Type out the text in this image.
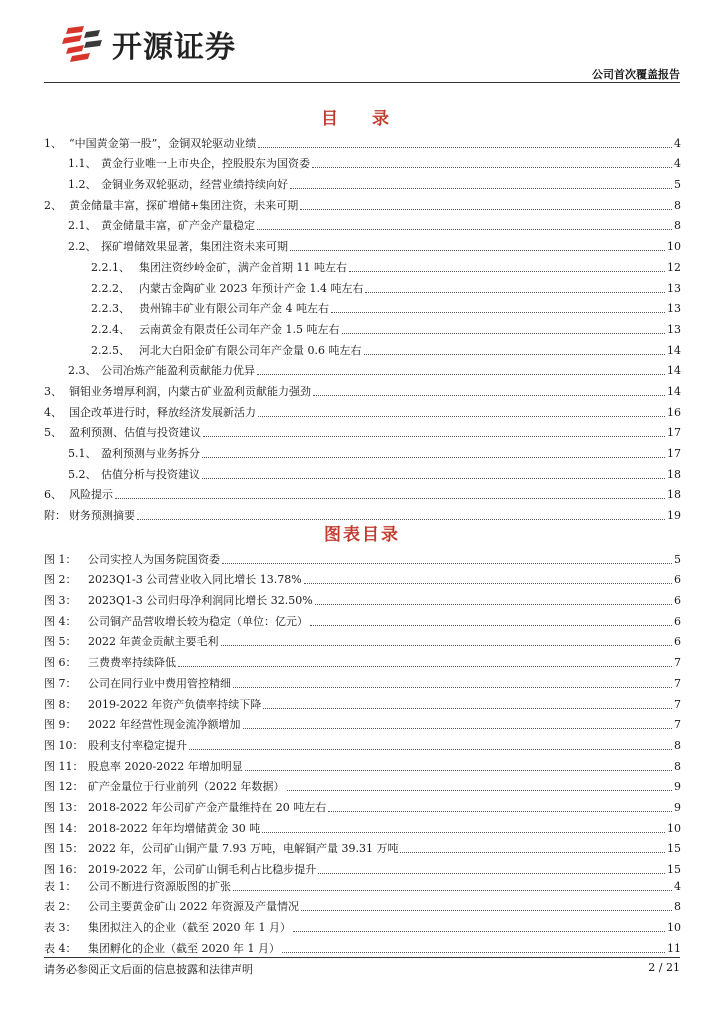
开源证券
公司首次覆盖报告
目 录
1、 “中国黄金第一股”，金铜双轮驱动业绩	4
1.1、 黄金行业唯一上市央企，控股股东为国资委	4
1.2、 金铜业务双轮驱动，经营业绩持续向好	5
2、 黄金储量丰富，探矿增储+集团注资，未来可期	8
2.1、 黄金储量丰富，矿产金产量稳定	8
2.2、 探矿增储效果显著，集团注资未来可期	10
2.2.1、 集团注资纱岭金矿，满产金首期 11 吨左右	12
2.2.2、 内蒙古金陶矿业 2023 年预计产金 1.4 吨左右	13
2.2.3、 贵州锦丰矿业有限公司年产金 4 吨左右	13
2.2.4、 云南黄金有限责任公司年产金 1.5 吨左右	13
2.2.5、 河北大白阳金矿有限公司年产金量 0.6 吨左右	14
2.3、 公司冶炼产能盈利贡献能力优异	14
3、 铜钼业务增厚利润，内蒙古矿业盈利贡献能力强劲	14
4、 国企改革进行时，释放经济发展新活力	16
5、 盈利预测、估值与投资建议	17
5.1、 盈利预测与业务拆分	17
5.2、 估值分析与投资建议	18
6、 风险提示	18
附： 财务预测摘要	19
图表目录
图 1：	公司实控人为国务院国资委	5
图 2：	2023Q1-3 公司营业收入同比增长 13.78%	6
图 3：	2023Q1-3 公司归母净利润同比增长 32.50%	6
图 4：	公司铜产品营收增长较为稳定（单位：亿元）	6
图 5：	2022 年黄金贡献主要毛利	6
图 6：	三费费率持续降低	7
图 7：	公司在同行业中费用管控精细	7
图 8：	2019-2022 年资产负债率持续下降	7
图 9：	2022 年经营性现金流净额增加	7
图 10： 股利支付率稳定提升	8
图 11： 股息率 2020-2022 年增加明显	8
图 12： 矿产金量位于行业前列（2022 年数据）	9
图 13： 2018-2022 年公司矿产金产量维持在 20 吨左右	9
图 14： 2018-2022 年年均增储黄金 30 吨	10
图 15： 2022 年，公司矿山铜产量 7.93 万吨，电解铜产量 39.31 万吨	15
图 16： 2019-2022 年，公司矿山铜毛利占比稳步提升	15
表 1：	公司不断进行资源版图的扩张	4
表 2：	公司主要黄金矿山 2022 年资源及产量情况	8
表 3：	集团拟注入的企业（截至 2020 年 1 月）	10
表 4：	集团孵化的企业（截至 2020 年 1 月）	11
请务必参阅正文后面的信息披露和法律声明	2 / 21
